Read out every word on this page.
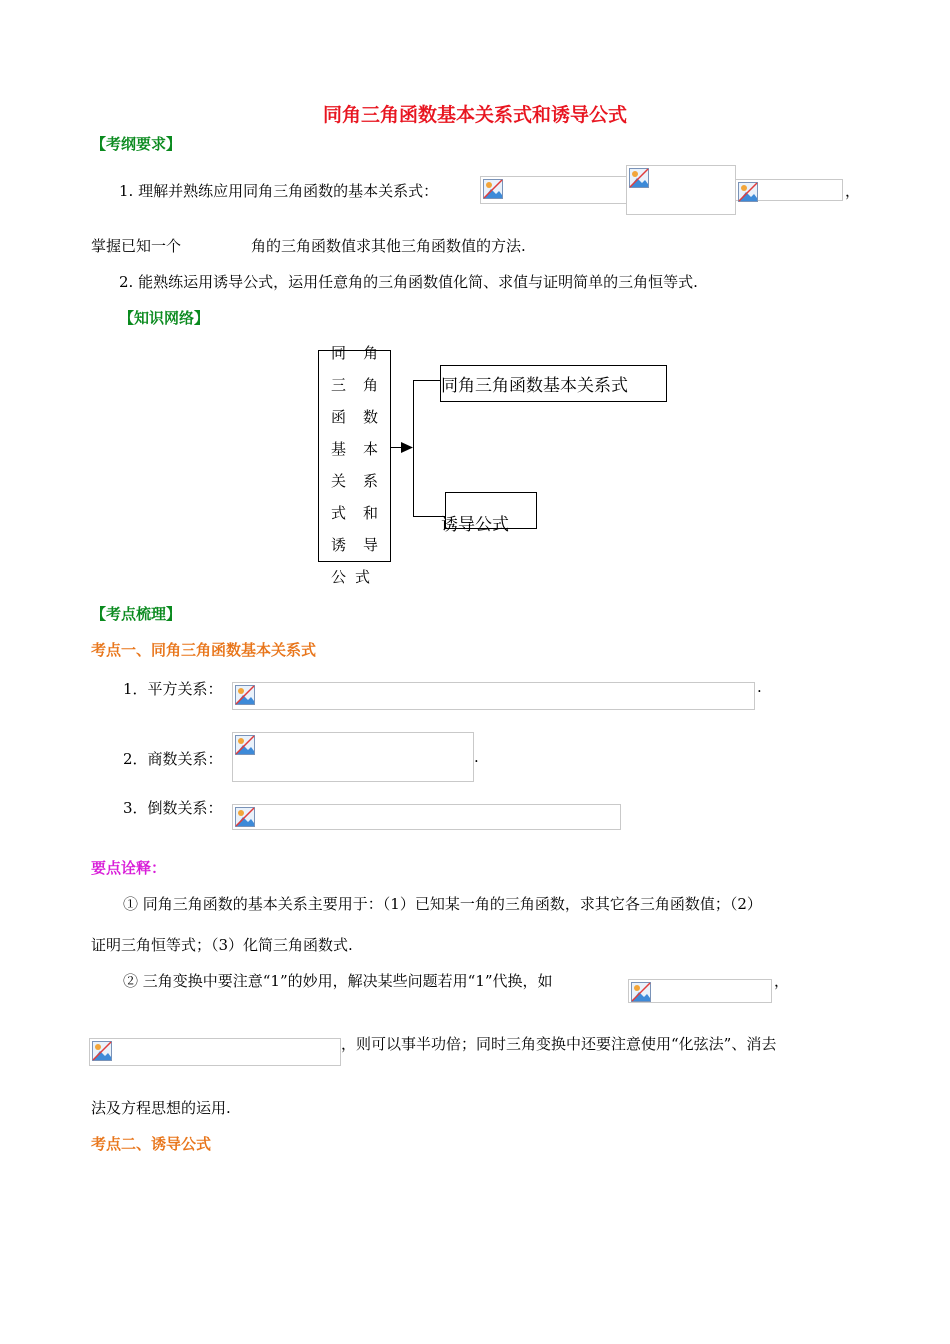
同角三角函数基本关系式和诱导公式
【考纲要求】
1. 理解并熟练应用同角三角函数的基本关系式：	，
掌握已知一个	角的三角函数值求其他三角函数值的方法.
2. 能熟练运用诱导公式，运用任意角的三角函数值化简、求值与证明简单的三角恒等式.
【知识网络】
同 角
三 角
函 数
基 本
关 系
式 和
诱 导
公 式
同角三角函数基本关系式
诱导公式
【考点梳理】
考点一、同角三角函数基本关系式
1．平方关系：	.
2．商数关系：	.
3．倒数关系：
要点诠释：
① 同角三角函数的基本关系主要用于：（1）已知某一角的三角函数，求其它各三角函数值；（2）
证明三角恒等式；（3）化简三角函数式.
② 三角变换中要注意“1”的妙用，解决某些问题若用“1”代换，如	，
，则可以事半功倍；同时三角变换中还要注意使用“化弦法”、消去
法及方程思想的运用.
考点二、诱导公式
